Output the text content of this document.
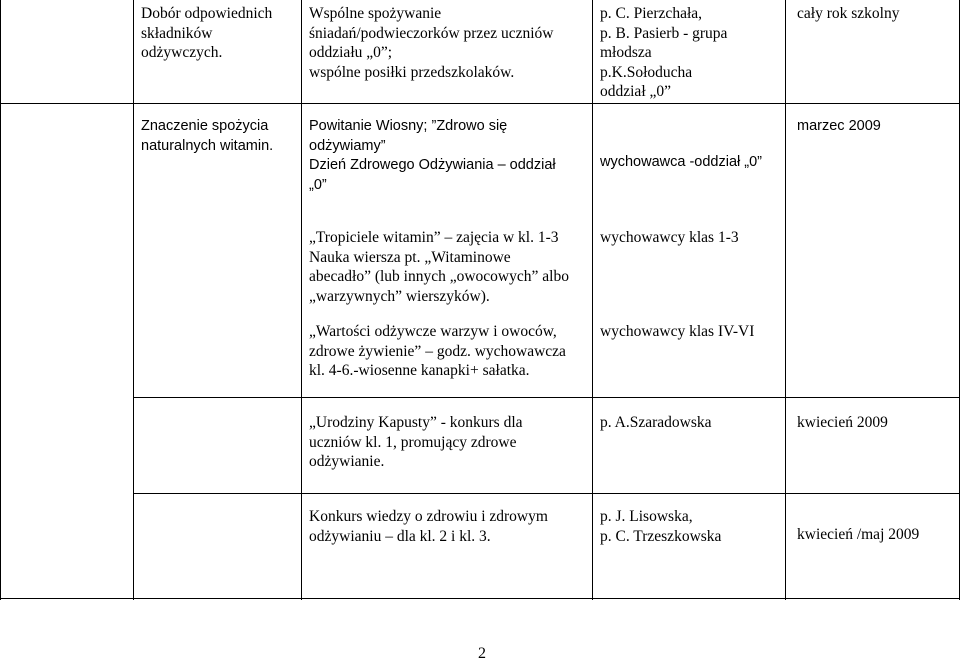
Dobór odpowiednich
składników
odżywczych.
Wspólne spożywanie
śniadań/podwieczorków przez uczniów
oddziału „0”;
wspólne posiłki przedszkolaków.
p. C. Pierzchała,
p. B. Pasierb - grupa
młodsza
p.K.Sołoducha
oddział „0”
cały rok szkolny
Znaczenie spożycia
naturalnych witamin.
Powitanie Wiosny; ”Zdrowo się
odżywiamy”
Dzień Zdrowego Odżywiania – oddział
„0”
wychowawca -oddział „0”
marzec 2009
„Tropiciele witamin” – zajęcia w kl. 1-3
Nauka wiersza pt. „Witaminowe
abecadło” (lub innych „owocowych” albo
„warzywnych” wierszyków).
wychowawcy klas 1-3
„Wartości odżywcze warzyw i owoców,
zdrowe żywienie” – godz. wychowawcza
kl. 4-6.-wiosenne kanapki+ sałatka.
wychowawcy klas IV-VI
„Urodziny Kapusty” - konkurs dla
uczniów kl. 1, promujący zdrowe
odżywianie.
p. A.Szaradowska	kwiecień 2009
Konkurs wiedzy o zdrowiu i zdrowym
odżywianiu – dla kl. 2 i kl. 3.
p. J. Lisowska,
p. C. Trzeszkowska	kwiecień /maj 2009
2
